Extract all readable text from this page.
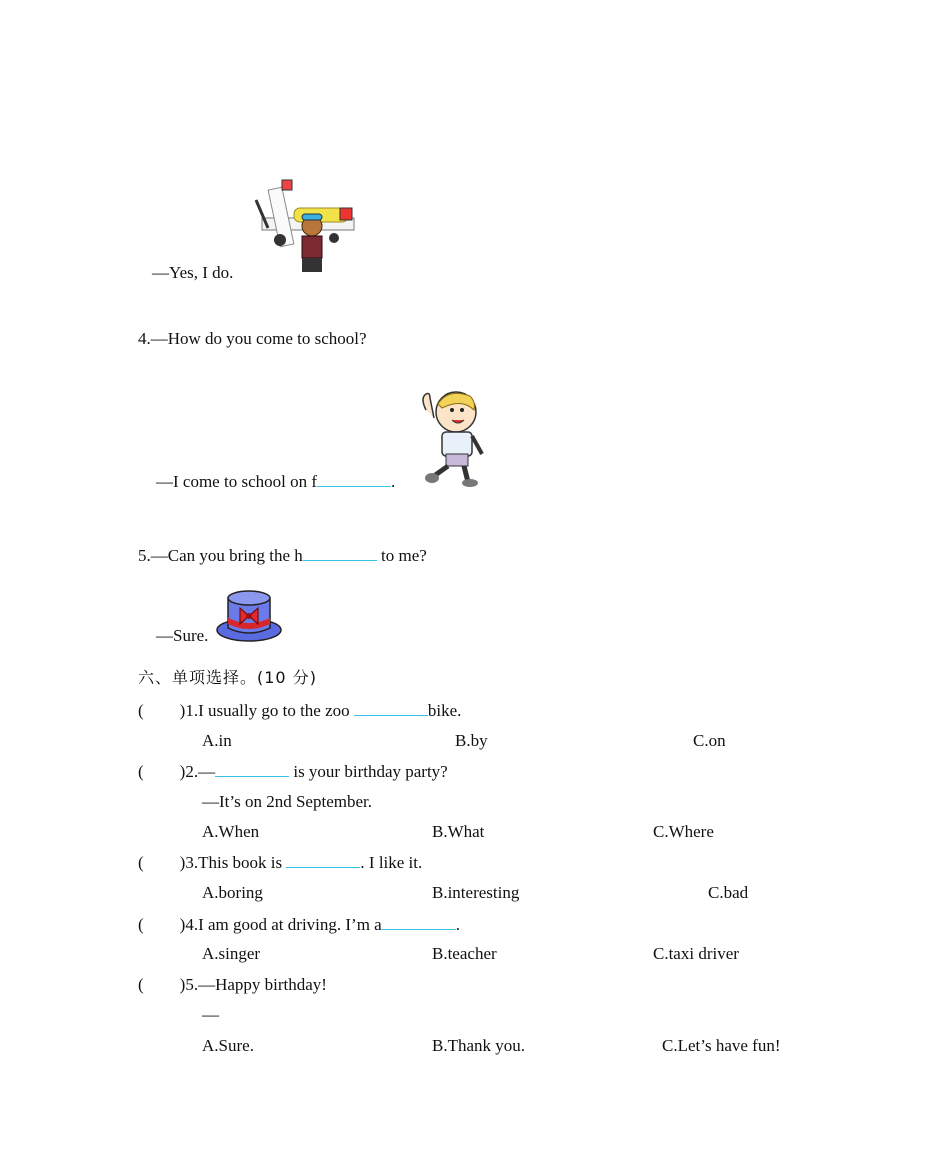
—Yes, I do.
4.—How do you come to school?
—I come to school on f	.
5.—Can you bring the h	to me?
—Sure.
六、单项选择。(10 分)
( )1.I usually go to the zoo	bike.
A.in	B.by	C.on
( )2.—	is your birthday party?
—It’s on 2nd September.
A.When	B.What	C.Where
( )3.This book is	. I like it.
A.boring	B.interesting	C.bad
( )4.I am good at driving. I’m a	.
A.singer	B.teacher	C.taxi driver
( )5.—Happy birthday!
—
A.Sure.	B.Thank you.	C.Let’s have fun!
